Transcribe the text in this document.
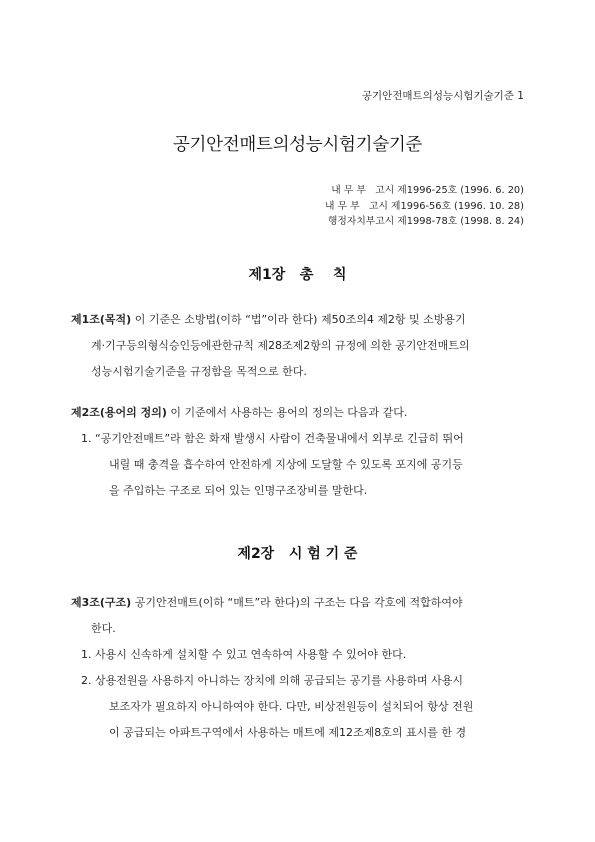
공기안전매트의성능시험기술기준 1
공기안전매트의성능시험기술기준
내 무 부   고시 제1996-25호 (1996. 6. 20)
내 무 부   고시 제1996-56호 (1996. 10. 28)
행정자치부고시 제1998-78호 (1998. 8. 24)
제1장   총    칙
제1조(목적) 이 기준은 소방법(이하 “법”이라 한다) 제50조의4 제2항 및 소방용기
계·기구등의형식승인등에관한규칙 제28조제2항의 규정에 의한 공기안전매트의
성능시험기술기준을 규정함을 목적으로 한다.
제2조(용어의 정의) 이 기준에서 사용하는 용어의 정의는 다음과 같다.
1. “공기안전매트”라 함은 화재 발생시 사람이 건축물내에서 외부로 긴급히 뛰어
내릴 때 충격을 흡수하여 안전하게 지상에 도달할 수 있도록 포지에 공기등
을 주입하는 구조로 되어 있는 인명구조장비를 말한다.
제2장   시 험 기 준
제3조(구조) 공기안전매트(이하 “매트”라 한다)의 구조는 다음 각호에 적합하여야
한다.
1. 사용시 신속하게 설치할 수 있고 연속하여 사용할 수 있어야 한다.
2. 상용전원을 사용하지 아니하는 장치에 의해 공급되는 공기를 사용하며 사용시
보조자가 필요하지 아니하여야 한다. 다만, 비상전원등이 설치되어 항상 전원
이 공급되는 아파트구역에서 사용하는 매트에 제12조제8호의 표시를 한 경
